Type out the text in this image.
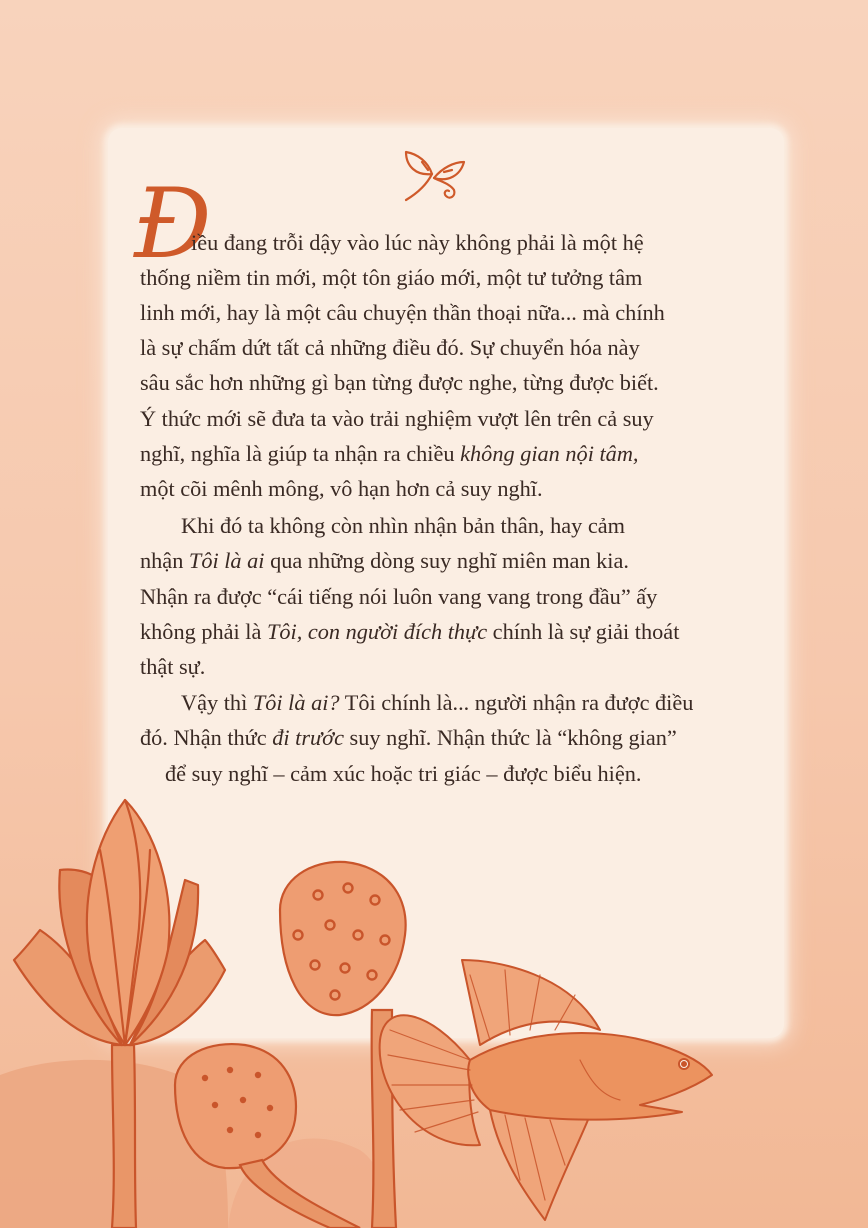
Đ
iều đang trỗi dậy vào lúc này không phải là một hệ
thống niềm tin mới, một tôn giáo mới, một tư tưởng tâm
linh mới, hay là một câu chuyện thần thoại nữa... mà chính
là sự chấm dứt tất cả những điều đó. Sự chuyển hóa này
sâu sắc hơn những gì bạn từng được nghe, từng được biết.
Ý thức mới sẽ đưa ta vào trải nghiệm vượt lên trên cả suy
nghĩ, nghĩa là giúp ta nhận ra chiều không gian nội tâm,
một cõi mênh mông, vô hạn hơn cả suy nghĩ.
Khi đó ta không còn nhìn nhận bản thân, hay cảm
nhận Tôi là ai qua những dòng suy nghĩ miên man kia.
Nhận ra được “cái tiếng nói luôn vang vang trong đầu” ấy
không phải là Tôi, con người đích thực chính là sự giải thoát
thật sự.
Vậy thì Tôi là ai? Tôi chính là... người nhận ra được điều
đó. Nhận thức đi trước suy nghĩ. Nhận thức là “không gian”
để suy nghĩ – cảm xúc hoặc tri giác – được biểu hiện.
